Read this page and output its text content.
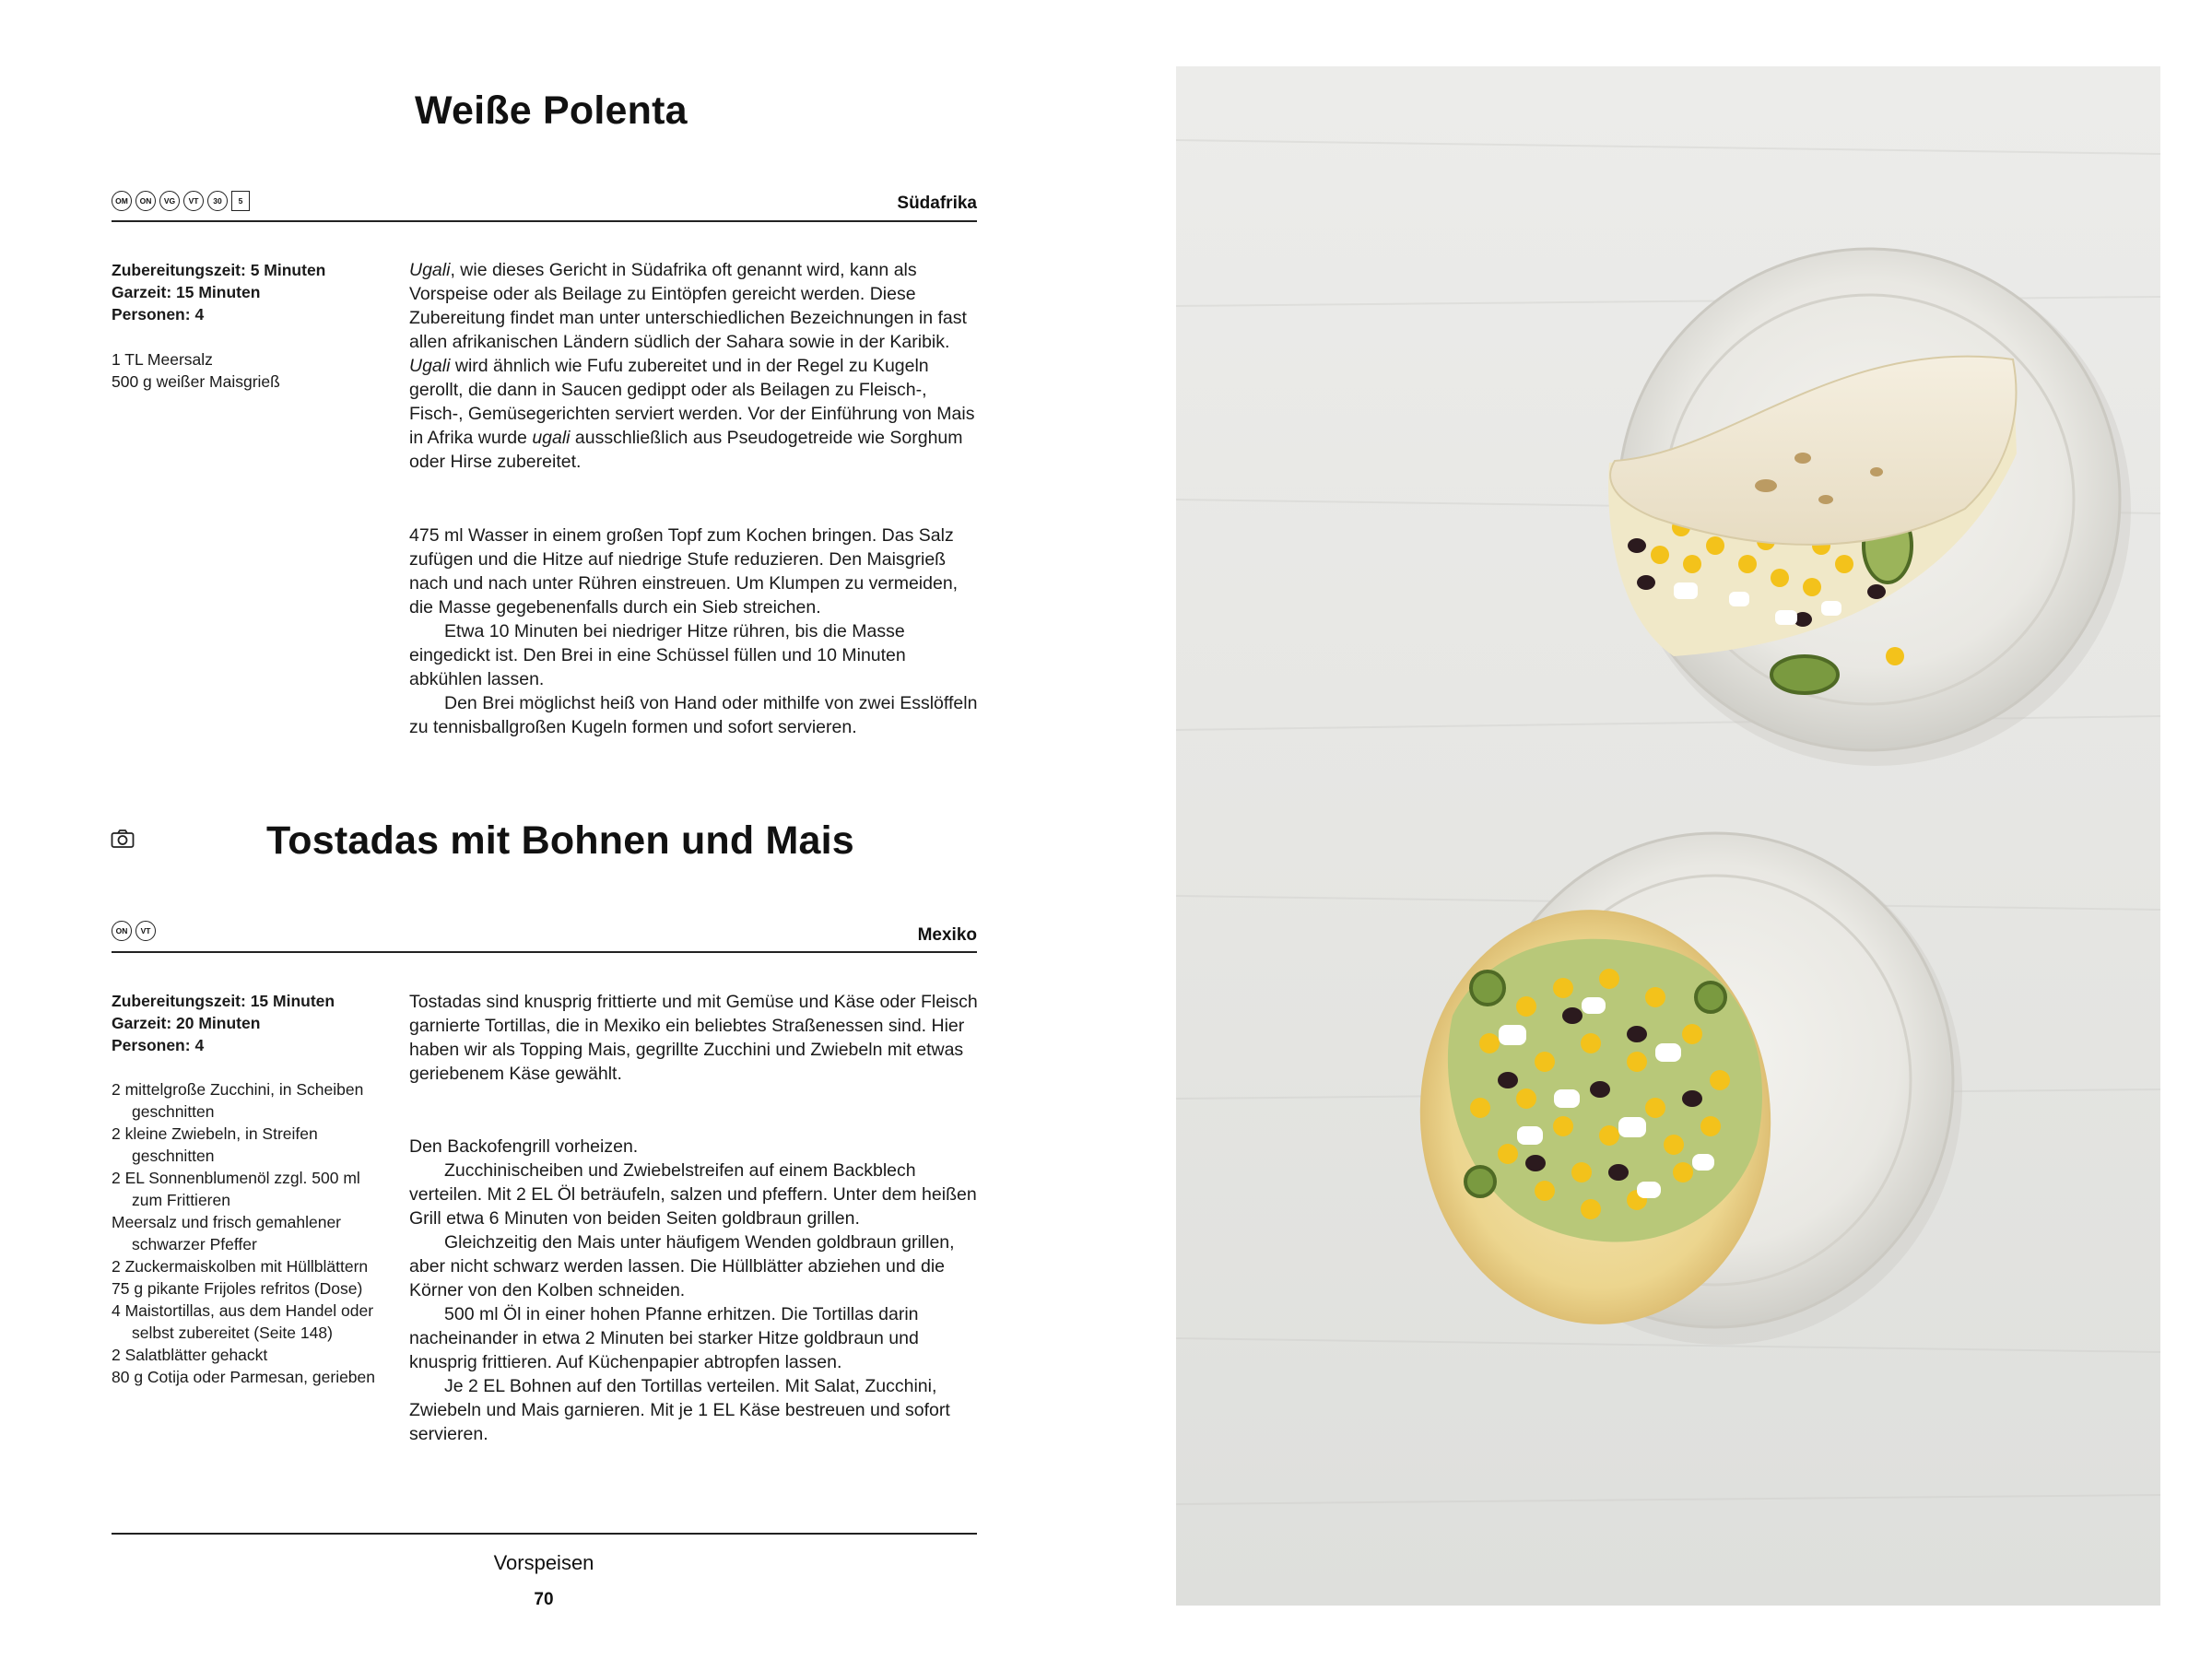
Weiße Polenta
OM	ON	VG	VT	30	5	Südafrika
Zubereitungszeit: 5 Minuten
Garzeit: 15 Minuten
Personen: 4
1 TL Meersalz
500 g weißer Maisgrieß

Ugali, wie dieses Gericht in Südafrika oft genannt wird, kann als Vorspeise oder als Beilage zu Eintöpfen gereicht werden. Diese Zubereitung findet man unter unterschiedlichen Bezeichnungen in fast allen afrikanischen Ländern südlich der Sahara sowie in der Karibik. Ugali wird ähnlich wie Fufu zubereitet und in der Regel zu Kugeln gerollt, die dann in Saucen gedippt oder als Beilagen zu Fleisch-, Fisch-, Gemüsegerichten serviert werden. Vor der Einführung von Mais in Afrika wurde ugali ausschließlich aus Pseudogetreide wie Sorghum oder Hirse zubereitet.

475 ml Wasser in einem großen Topf zum Kochen bringen. Das Salz zufügen und die Hitze auf niedrige Stufe reduzieren. Den Maisgrieß nach und nach unter Rühren einstreuen. Um Klumpen zu vermeiden, die Masse gegebenenfalls durch ein Sieb streichen.

Etwa 10 Minuten bei niedriger Hitze rühren, bis die Masse eingedickt ist. Den Brei in eine Schüssel füllen und 10 Minuten abkühlen lassen.

Den Brei möglichst heiß von Hand oder mithilfe von zwei Esslöffeln zu tennisballgroßen Kugeln formen und sofort servieren.

Tostadas mit Bohnen und Mais
ON	VT	Mexiko
Zubereitungszeit: 15 Minuten
Garzeit: 20 Minuten
Personen: 4
2 mittelgroße Zucchini, in Scheiben geschnitten
2 kleine Zwiebeln, in Streifen geschnitten
2 EL Sonnenblumenöl zzgl. 500 ml zum Frittieren
Meersalz und frisch gemahlener schwarzer Pfeffer
2 Zuckermaiskolben mit Hüllblättern
75 g pikante Frijoles refritos (Dose)
4 Maistortillas, aus dem Handel oder selbst zubereitet (Seite 148)
2 Salatblätter gehackt
80 g Cotija oder Parmesan, gerieben
Tostadas sind knusprig frittierte und mit Gemüse und Käse oder Fleisch garnierte Tortillas, die in Mexiko ein beliebtes Straßenessen sind. Hier haben wir als Topping Mais, gegrillte Zucchini und Zwiebeln mit etwas geriebenem Käse gewählt.

Den Backofengrill vorheizen.

Zucchinischeiben und Zwiebelstreifen auf einem Backblech verteilen. Mit 2 EL Öl beträufeln, salzen und pfeffern. Unter dem heißen Grill etwa 6 Minuten von beiden Seiten goldbraun grillen.

Gleichzeitig den Mais unter häufigem Wenden goldbraun grillen, aber nicht schwarz werden lassen. Die Hüllblätter abziehen und die Körner von den Kolben schneiden.

500 ml Öl in einer hohen Pfanne erhitzen. Die Tortillas darin nacheinander in etwa 2 Minuten bei starker Hitze goldbraun und knusprig frittieren. Auf Küchenpapier abtropfen lassen.

Je 2 EL Bohnen auf den Tortillas verteilen. Mit Salat, Zucchini, Zwiebeln und Mais garnieren. Mit je 1 EL Käse bestreuen und sofort servieren.

Vorspeisen
70
